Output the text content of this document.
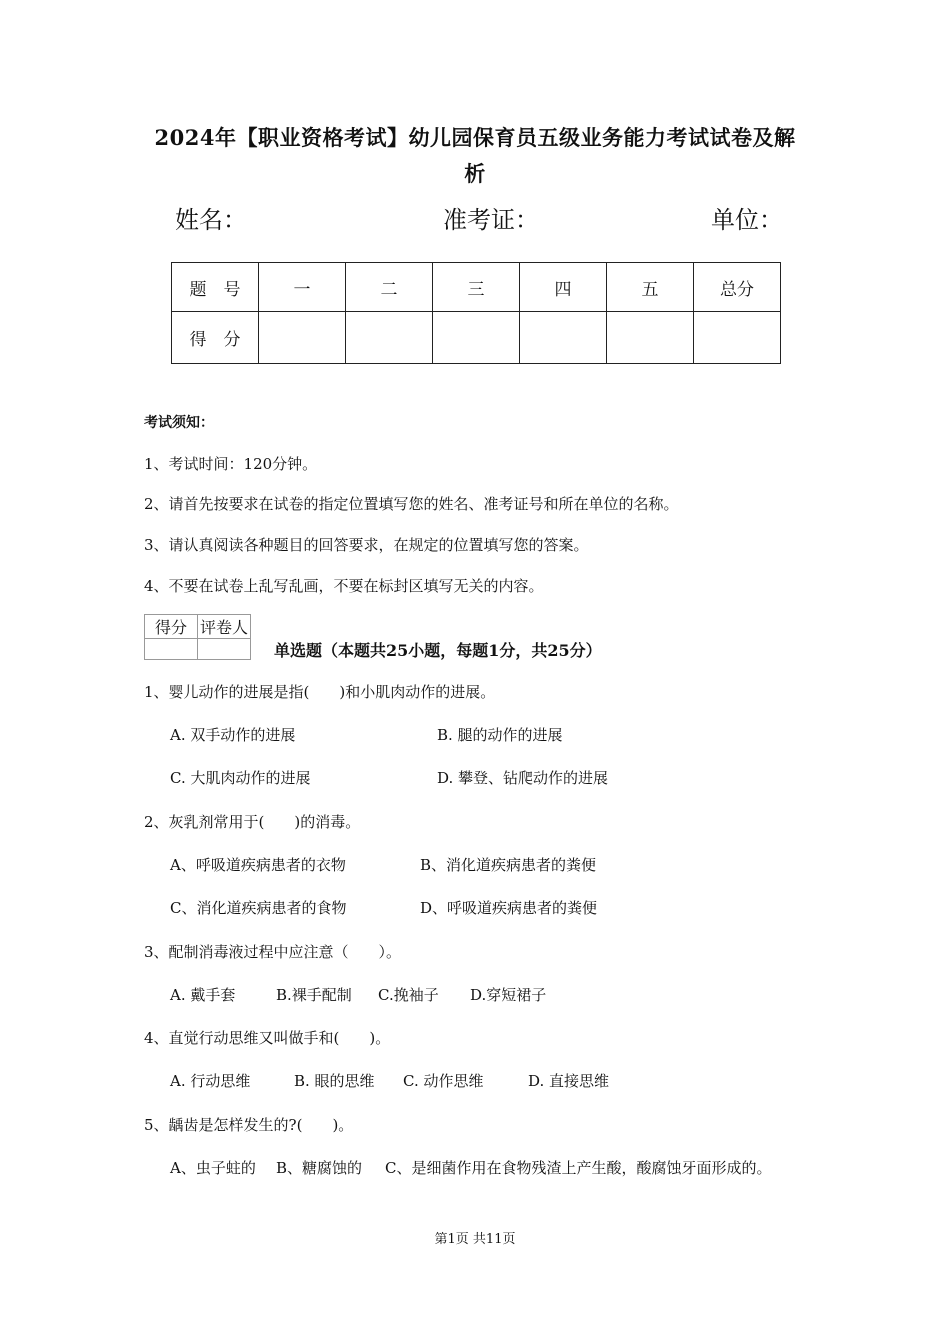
2024年【职业资格考试】幼儿园保育员五级业务能力考试试卷及解
析
姓名：	准考证：	单位：
题　号	一	二	三	四	五	总分
得　分						
考试须知：
1、考试时间：120分钟。
2、请首先按要求在试卷的指定位置填写您的姓名、准考证号和所在单位的名称。
3、请认真阅读各种题目的回答要求，在规定的位置填写您的答案。
4、不要在试卷上乱写乱画，不要在标封区填写无关的内容。
得分	评卷人

单选题（本题共25小题，每题1分，共25分）
1、婴儿动作的进展是指(　　)和小肌肉动作的进展。
A. 双手动作的进展	B. 腿的动作的进展
C. 大肌肉动作的进展	D. 攀登、钻爬动作的进展
2、灰乳剂常用于(　　)的消毒。
A、呼吸道疾病患者的衣物	B、消化道疾病患者的粪便
C、消化道疾病患者的食物	D、呼吸道疾病患者的粪便
3、配制消毒液过程中应注意（　　）。
A. 戴手套	B.裸手配制 C.挽袖子 D.穿短裙子
4、直觉行动思维又叫做手和(　　)。
A. 行动思维	B. 眼的思维 C. 动作思维	D. 直接思维
5、龋齿是怎样发生的?(　　)。
A、虫子蛀的 B、糖腐蚀的 C、是细菌作用在食物残渣上产生酸，酸腐蚀牙面形成的。
第1页 共11页
